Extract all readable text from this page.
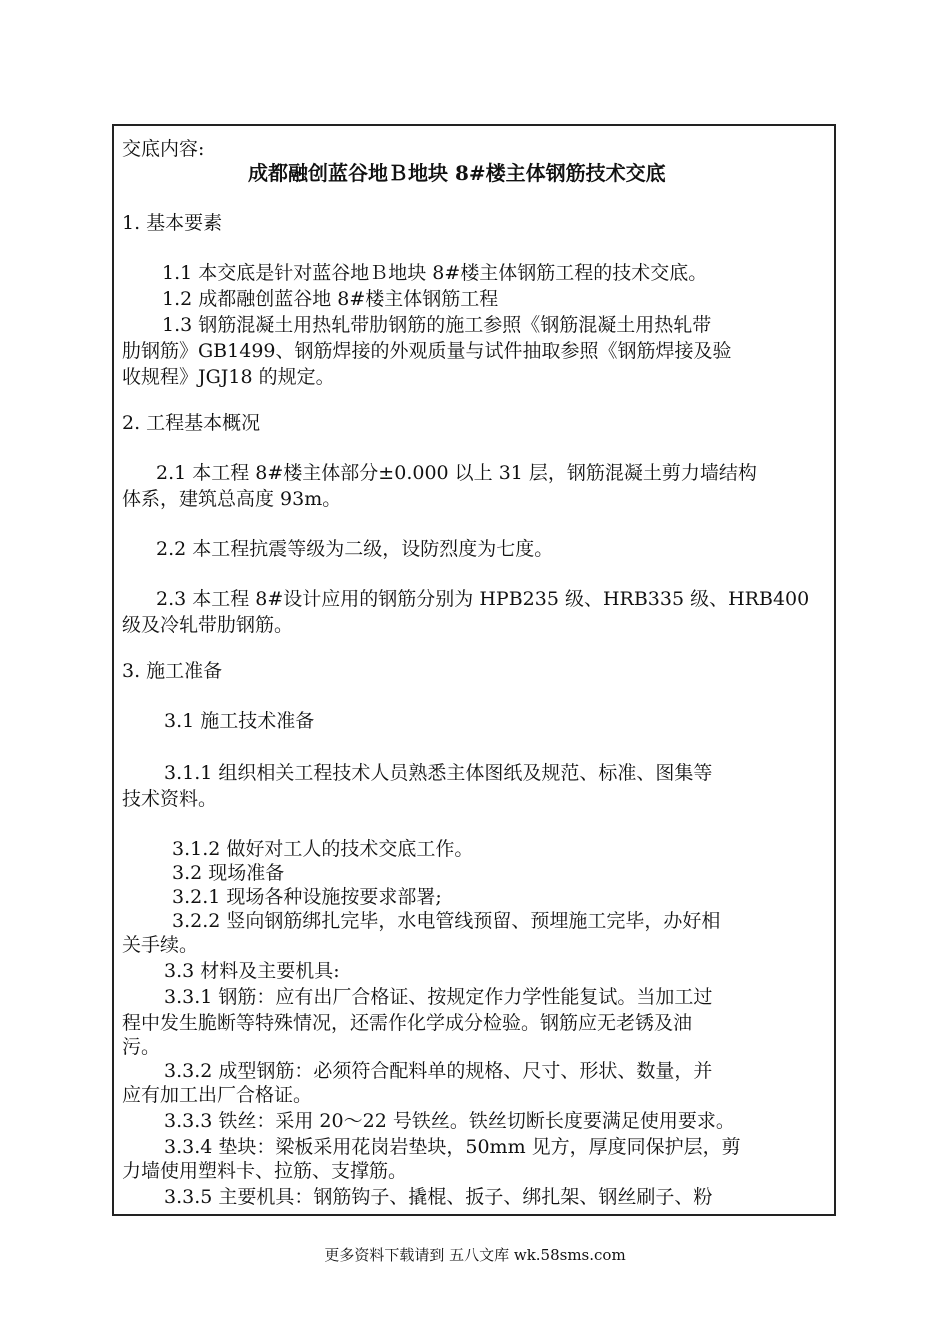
交底内容:
成都融创蓝谷地Ｂ地块 8#楼主体钢筋技术交底
1. 基本要素
1.1 本交底是针对蓝谷地Ｂ地块 8#楼主体钢筋工程的技术交底。
1.2 成都融创蓝谷地 8#楼主体钢筋工程
1.3 钢筋混凝土用热轧带肋钢筋的施工参照《钢筋混凝土用热轧带
肋钢筋》GB1499、钢筋焊接的外观质量与试件抽取参照《钢筋焊接及验
收规程》JGJ18 的规定。
2. 工程基本概况
2.1 本工程 8#楼主体部分±0.000 以上 31 层，钢筋混凝土剪力墙结构
体系，建筑总高度 93m。
2.2 本工程抗震等级为二级，设防烈度为七度。
2.3 本工程 8#设计应用的钢筋分别为 HPB235 级、HRB335 级、HRB400
级及冷轧带肋钢筋。
3. 施工准备
3.1 施工技术准备
3.1.1 组织相关工程技术人员熟悉主体图纸及规范、标准、图集等
技术资料。
3.1.2 做好对工人的技术交底工作。
3.2 现场准备
3.2.1 现场各种设施按要求部署;
3.2.2 竖向钢筋绑扎完毕，水电管线预留、预埋施工完毕，办好相
关手续。
3.3 材料及主要机具:
3.3.1 钢筋：应有出厂合格证、按规定作力学性能复试。当加工过
程中发生脆断等特殊情况，还需作化学成分检验。钢筋应无老锈及油
污。
3.3.2 成型钢筋：必须符合配料单的规格、尺寸、形状、数量，并
应有加工出厂合格证。
3.3.3 铁丝：采用 20～22 号铁丝。铁丝切断长度要满足使用要求。
3.3.4 垫块：梁板采用花岗岩垫块，50mm 见方，厚度同保护层，剪
力墙使用塑料卡、拉筋、支撑筋。
3.3.5 主要机具：钢筋钩子、撬棍、扳子、绑扎架、钢丝刷子、粉
更多资料下载请到 五八文库 wk.58sms.com
